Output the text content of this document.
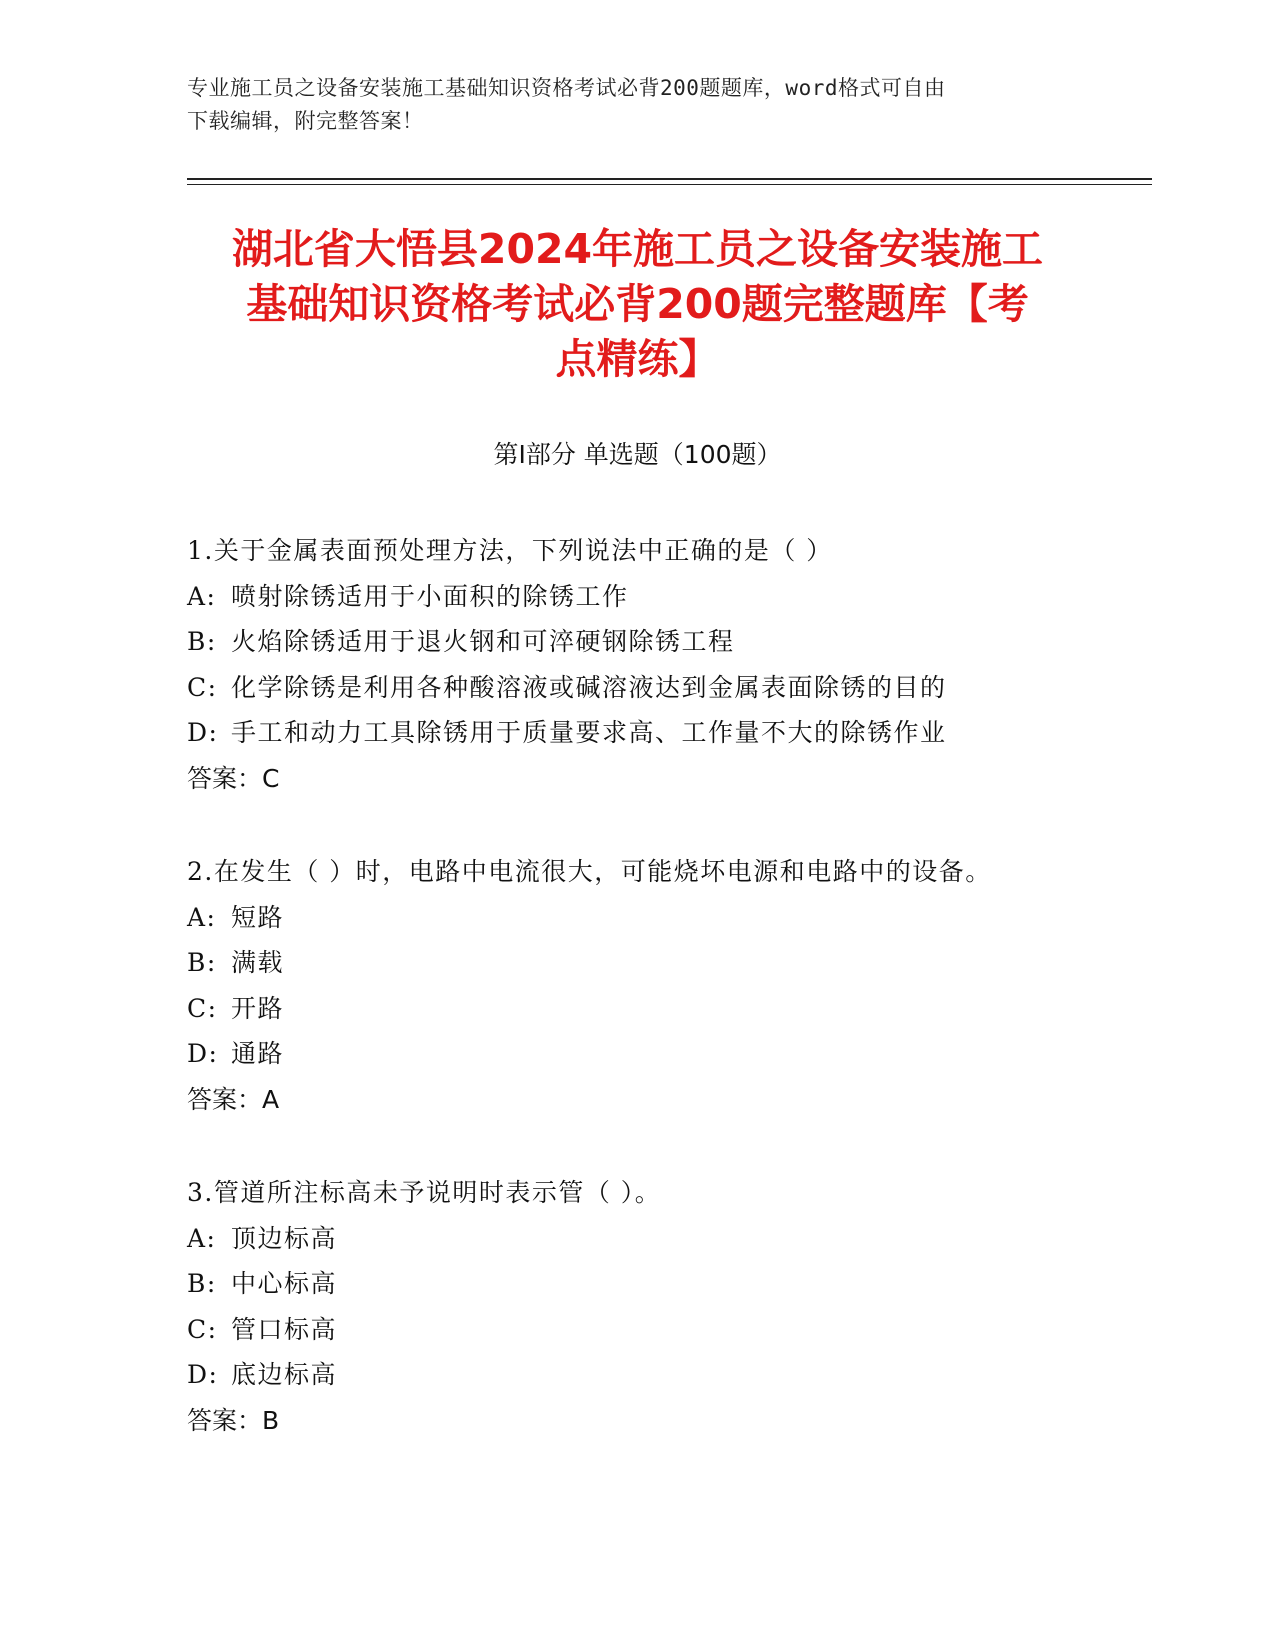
专业施工员之设备安装施工基础知识资格考试必背200题题库，word格式可自由
下载编辑，附完整答案！
湖北省大悟县2024年施工员之设备安装施工
基础知识资格考试必背200题完整题库【考
点精练】
第Ⅰ部分 单选题（100题）
1.关于金属表面预处理方法，下列说法中正确的是（ ）
A: 喷射除锈适用于小面积的除锈工作
B: 火焰除锈适用于退火钢和可淬硬钢除锈工程
C: 化学除锈是利用各种酸溶液或碱溶液达到金属表面除锈的目的
D: 手工和动力工具除锈用于质量要求高、工作量不大的除锈作业
答案：C
2.在发生（ ）时，电路中电流很大，可能烧坏电源和电路中的设备。
A: 短路
B: 满载
C: 开路
D: 通路
答案：A
3.管道所注标高未予说明时表示管（ ）。
A: 顶边标高
B: 中心标高
C: 管口标高
D: 底边标高
答案：B
